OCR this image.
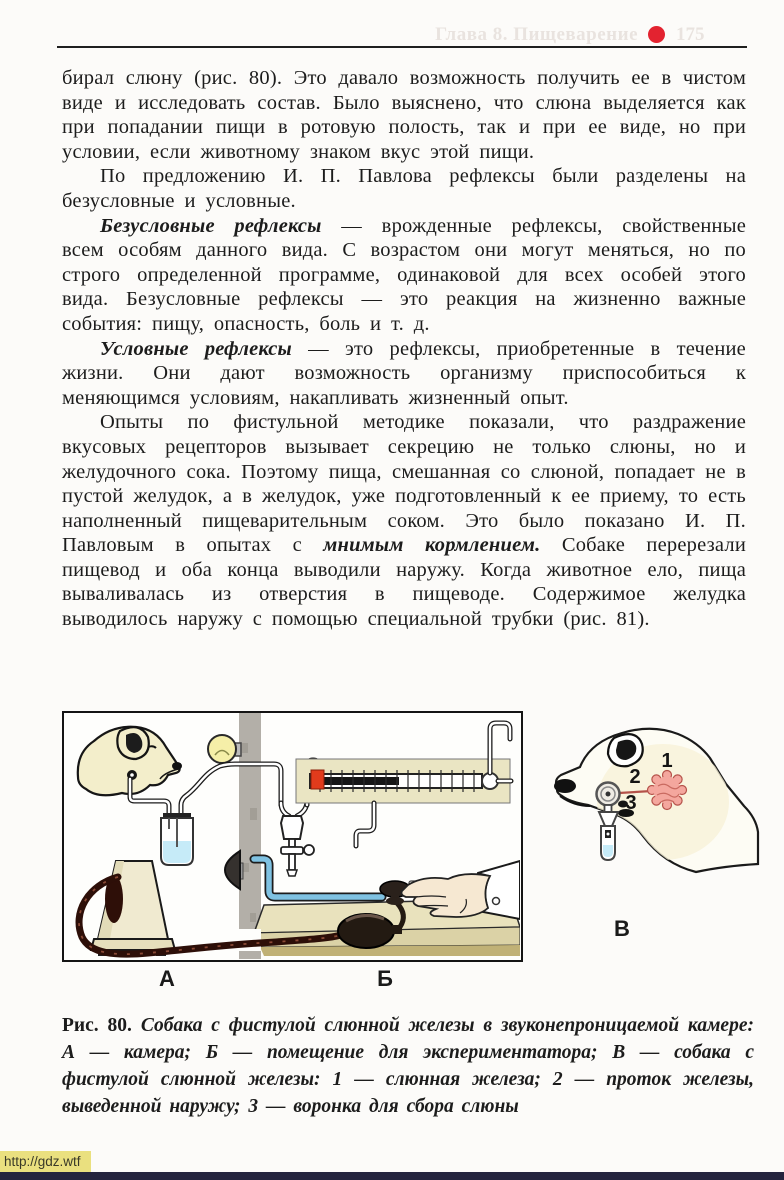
Глава 8. Пищеварение 175

бирал слюну (рис. 80). Это давало возможность получить ее в чистом виде и исследовать состав. Было выяснено, что слюна выделяется как при попадании пищи в ротовую полость, так и при ее виде, но при условии, если животному знаком вкус этой пищи.

По предложению И. П. Павлова рефлексы были разделены на безусловные и условные.

Безусловные рефлексы — врожденные рефлексы, свойственные всем особям данного вида. С возрастом они могут меняться, но по строго определенной программе, одинаковой для всех особей этого вида. Безусловные рефлексы — это реакция на жизненно важные события: пищу, опасность, боль и т. д.

Условные рефлексы — это рефлексы, приобретенные в течение жизни. Они дают возможность организму приспособиться к меняющимся условиям, накапливать жизненный опыт.

Опыты по фистульной методике показали, что раздражение вкусовых рецепторов вызывает секрецию не только слюны, но и желудочного сока. Поэтому пища, смешанная со слюной, попадает не в пустой желудок, а в желудок, уже подготовленный к ее приему, то есть наполненный пищеварительным соком. Это было показано И. П. Павловым в опытах с мнимым кормлением. Собаке перерезали пищевод и оба конца выводили наружу. Когда животное ело, пища вываливалась из отверстия в пищеводе. Содержимое желудка выводилось наружу с помощью специальной трубки (рис. 81).

А	Б
В
1
2
3
Рис. 80. Собака с фистулой слюнной железы в звуконепроницаемой камере: А — камера; Б — помещение для экспериментатора; В — собака с фистулой слюнной железы: 1 — слюнная железа; 2 — проток железы, выведенной наружу; 3 — воронка для сбора слюны
http://gdz.wtf
